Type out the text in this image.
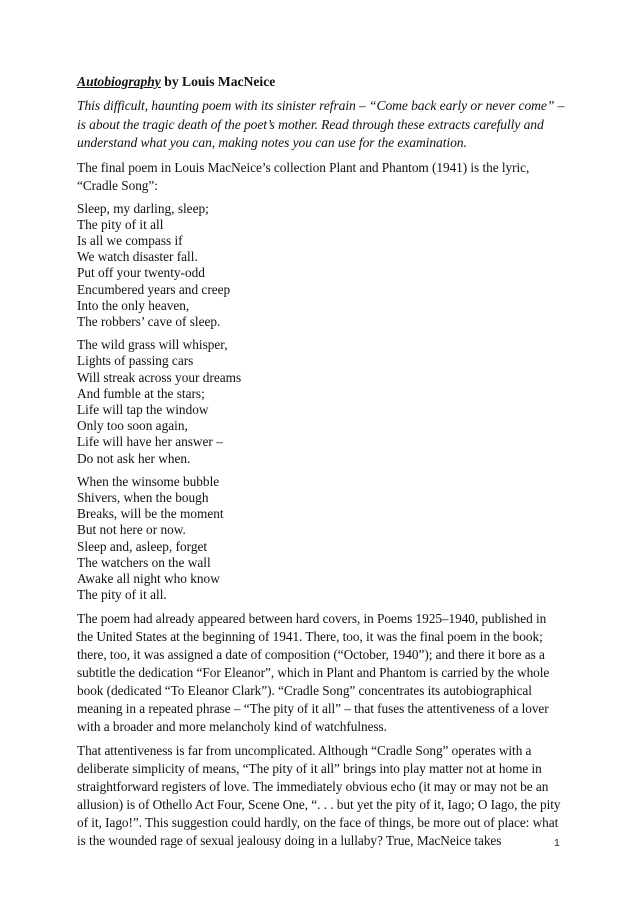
Autobiography by Louis MacNeice

This difficult, haunting poem with its sinister refrain – “Come back early or never come” – is about the tragic death of the poet’s mother. Read through these extracts carefully and understand what you can, making notes you can use for the examination.

The final poem in Louis MacNeice’s collection Plant and Phantom (1941) is the lyric, “Cradle Song”:

Sleep, my darling, sleep;
The pity of it all
Is all we compass if
We watch disaster fall.
Put off your twenty-odd
Encumbered years and creep
Into the only heaven,
The robbers’ cave of sleep.
The wild grass will whisper,
Lights of passing cars
Will streak across your dreams
And fumble at the stars;
Life will tap the window
Only too soon again,
Life will have her answer –
Do not ask her when.
When the winsome bubble
Shivers, when the bough
Breaks, will be the moment
But not here or now.
Sleep and, asleep, forget
The watchers on the wall
Awake all night who know
The pity of it all.

The poem had already appeared between hard covers, in Poems 1925–1940, published in the United States at the beginning of 1941. There, too, it was the final poem in the book; there, too, it was assigned a date of composition (“October, 1940”); and there it bore as a subtitle the dedication “For Eleanor”, which in Plant and Phantom is carried by the whole book (dedicated “To Eleanor Clark”). “Cradle Song” concentrates its autobiographical meaning in a repeated phrase – “The pity of it all” – that fuses the attentiveness of a lover with a broader and more melancholy kind of watchfulness.

That attentiveness is far from uncomplicated. Although “Cradle Song” operates with a deliberate simplicity of means, “The pity of it all” brings into play matter not at home in straightforward registers of love. The immediately obvious echo (it may or may not be an allusion) is of Othello Act Four, Scene One, “. . . but yet the pity of it, Iago; O Iago, the pity of it, Iago!”. This suggestion could hardly, on the face of things, be more out of place: what is the wounded rage of sexual jealousy doing in a lullaby? True, MacNeice takes	1
